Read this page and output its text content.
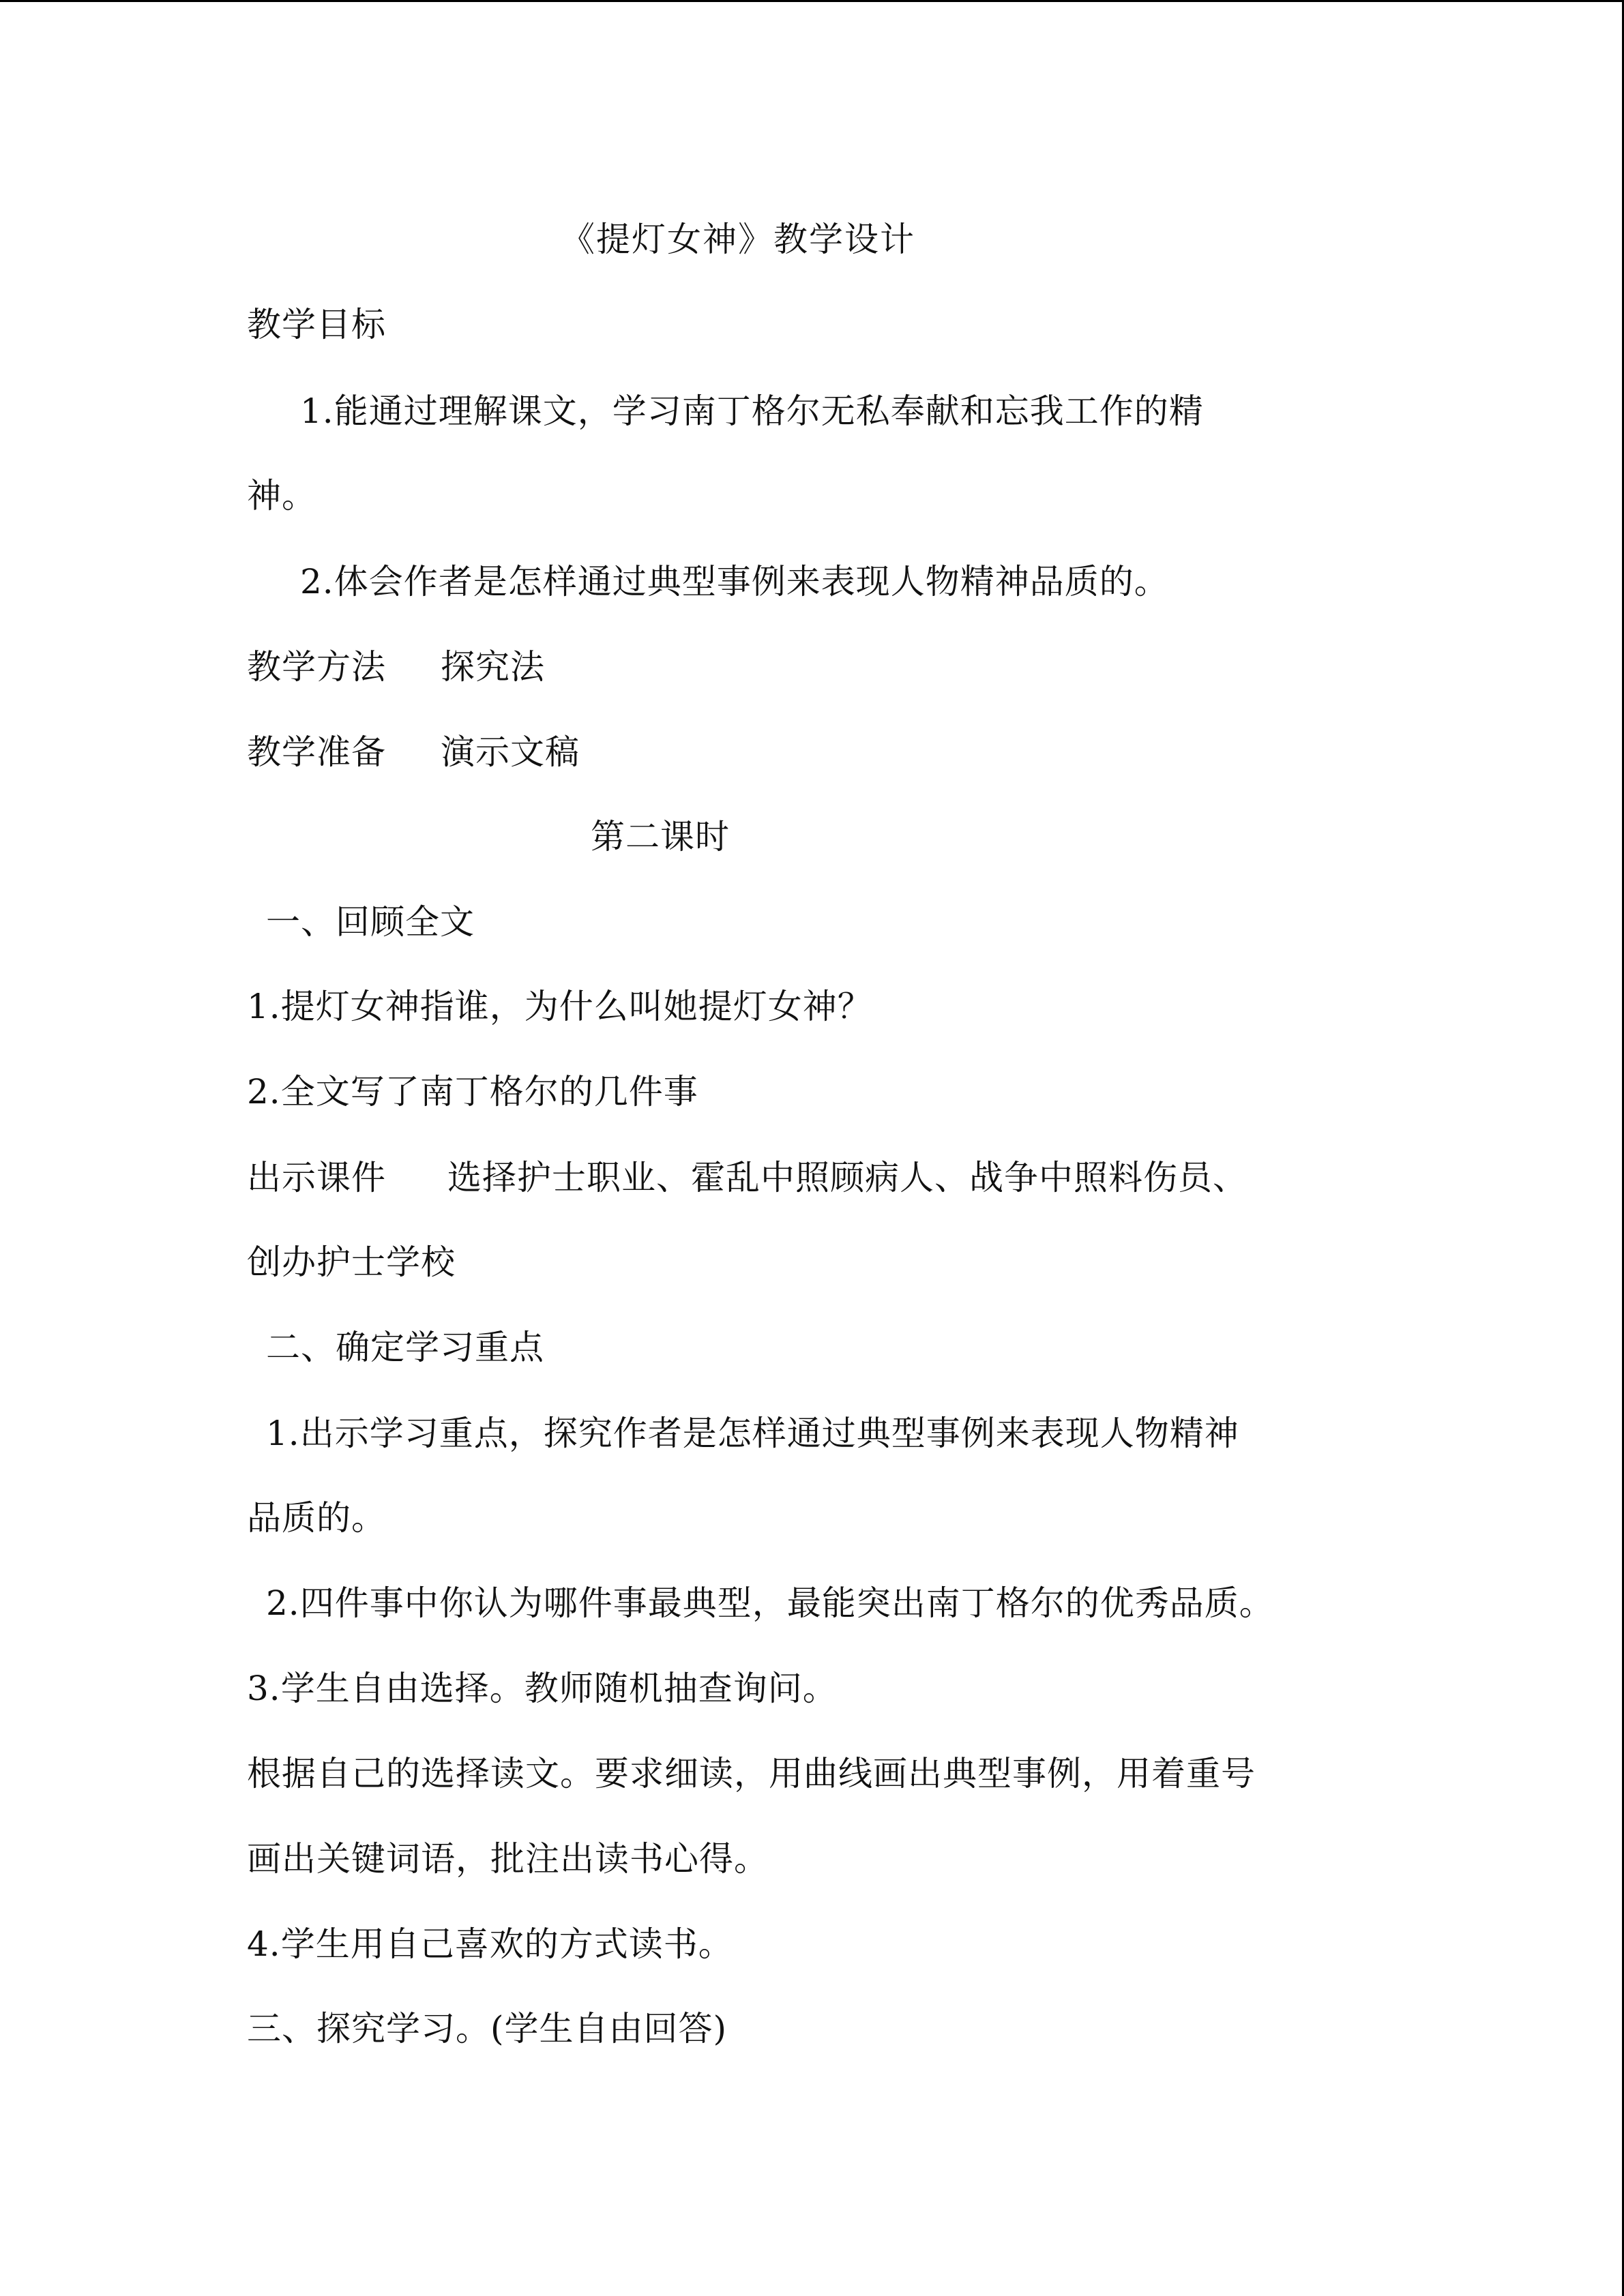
《提灯女神》教学设计
教学目标
1.能通过理解课文，学习南丁格尔无私奉献和忘我工作的精
神。
2.体会作者是怎样通过典型事例来表现人物精神品质的。
教学方法 探究法
教学准备 演示文稿
第二课时
一、回顾全文
1.提灯女神指谁，为什么叫她提灯女神？
2.全文写了南丁格尔的几件事
出示课件 选择护士职业、霍乱中照顾病人、战争中照料伤员、
创办护士学校
二、确定学习重点
1.出示学习重点，探究作者是怎样通过典型事例来表现人物精神
品质的。
2.四件事中你认为哪件事最典型，最能突出南丁格尔的优秀品质。
3.学生自由选择。教师随机抽查询问。
根据自己的选择读文。要求细读，用曲线画出典型事例，用着重号
画出关键词语，批注出读书心得。
4.学生用自己喜欢的方式读书。
三、探究学习。(学生自由回答)
